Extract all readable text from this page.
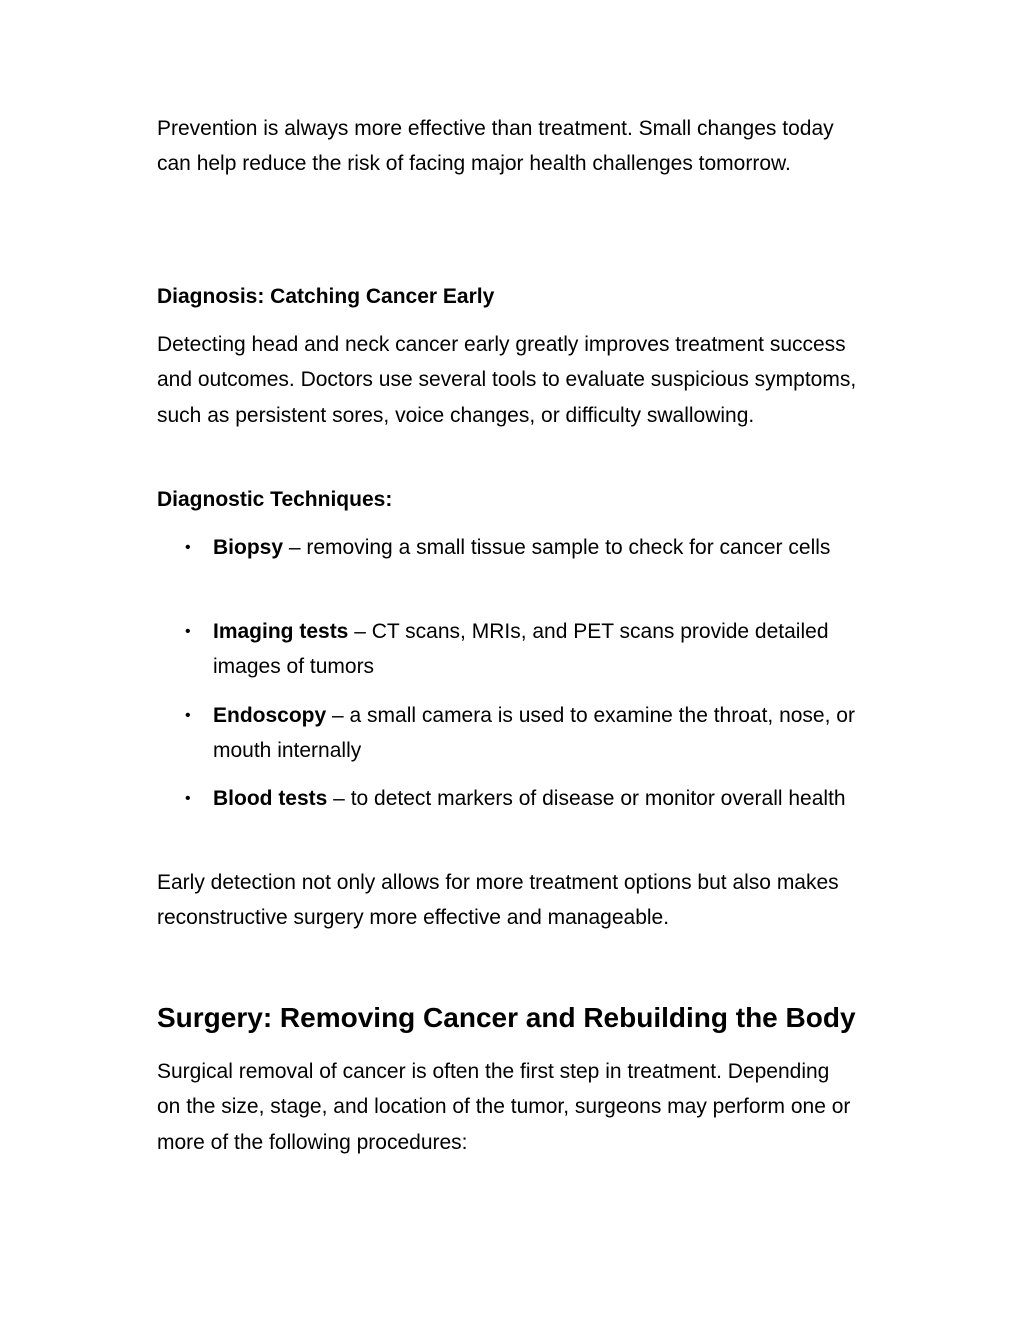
Prevention is always more effective than treatment. Small changes today can help reduce the risk of facing major health challenges tomorrow.

Diagnosis: Catching Cancer Early

Detecting head and neck cancer early greatly improves treatment success and outcomes. Doctors use several tools to evaluate suspicious symptoms, such as persistent sores, voice changes, or difficulty swallowing.

Diagnostic Techniques:

• Biopsy – removing a small tissue sample to check for cancer cells
• Imaging tests – CT scans, MRIs, and PET scans provide detailed images of tumors
• Endoscopy – a small camera is used to examine the throat, nose, or mouth internally
• Blood tests – to detect markers of disease or monitor overall health

Early detection not only allows for more treatment options but also makes reconstructive surgery more effective and manageable.

Surgery: Removing Cancer and Rebuilding the Body

Surgical removal of cancer is often the first step in treatment. Depending on the size, stage, and location of the tumor, surgeons may perform one or more of the following procedures:
